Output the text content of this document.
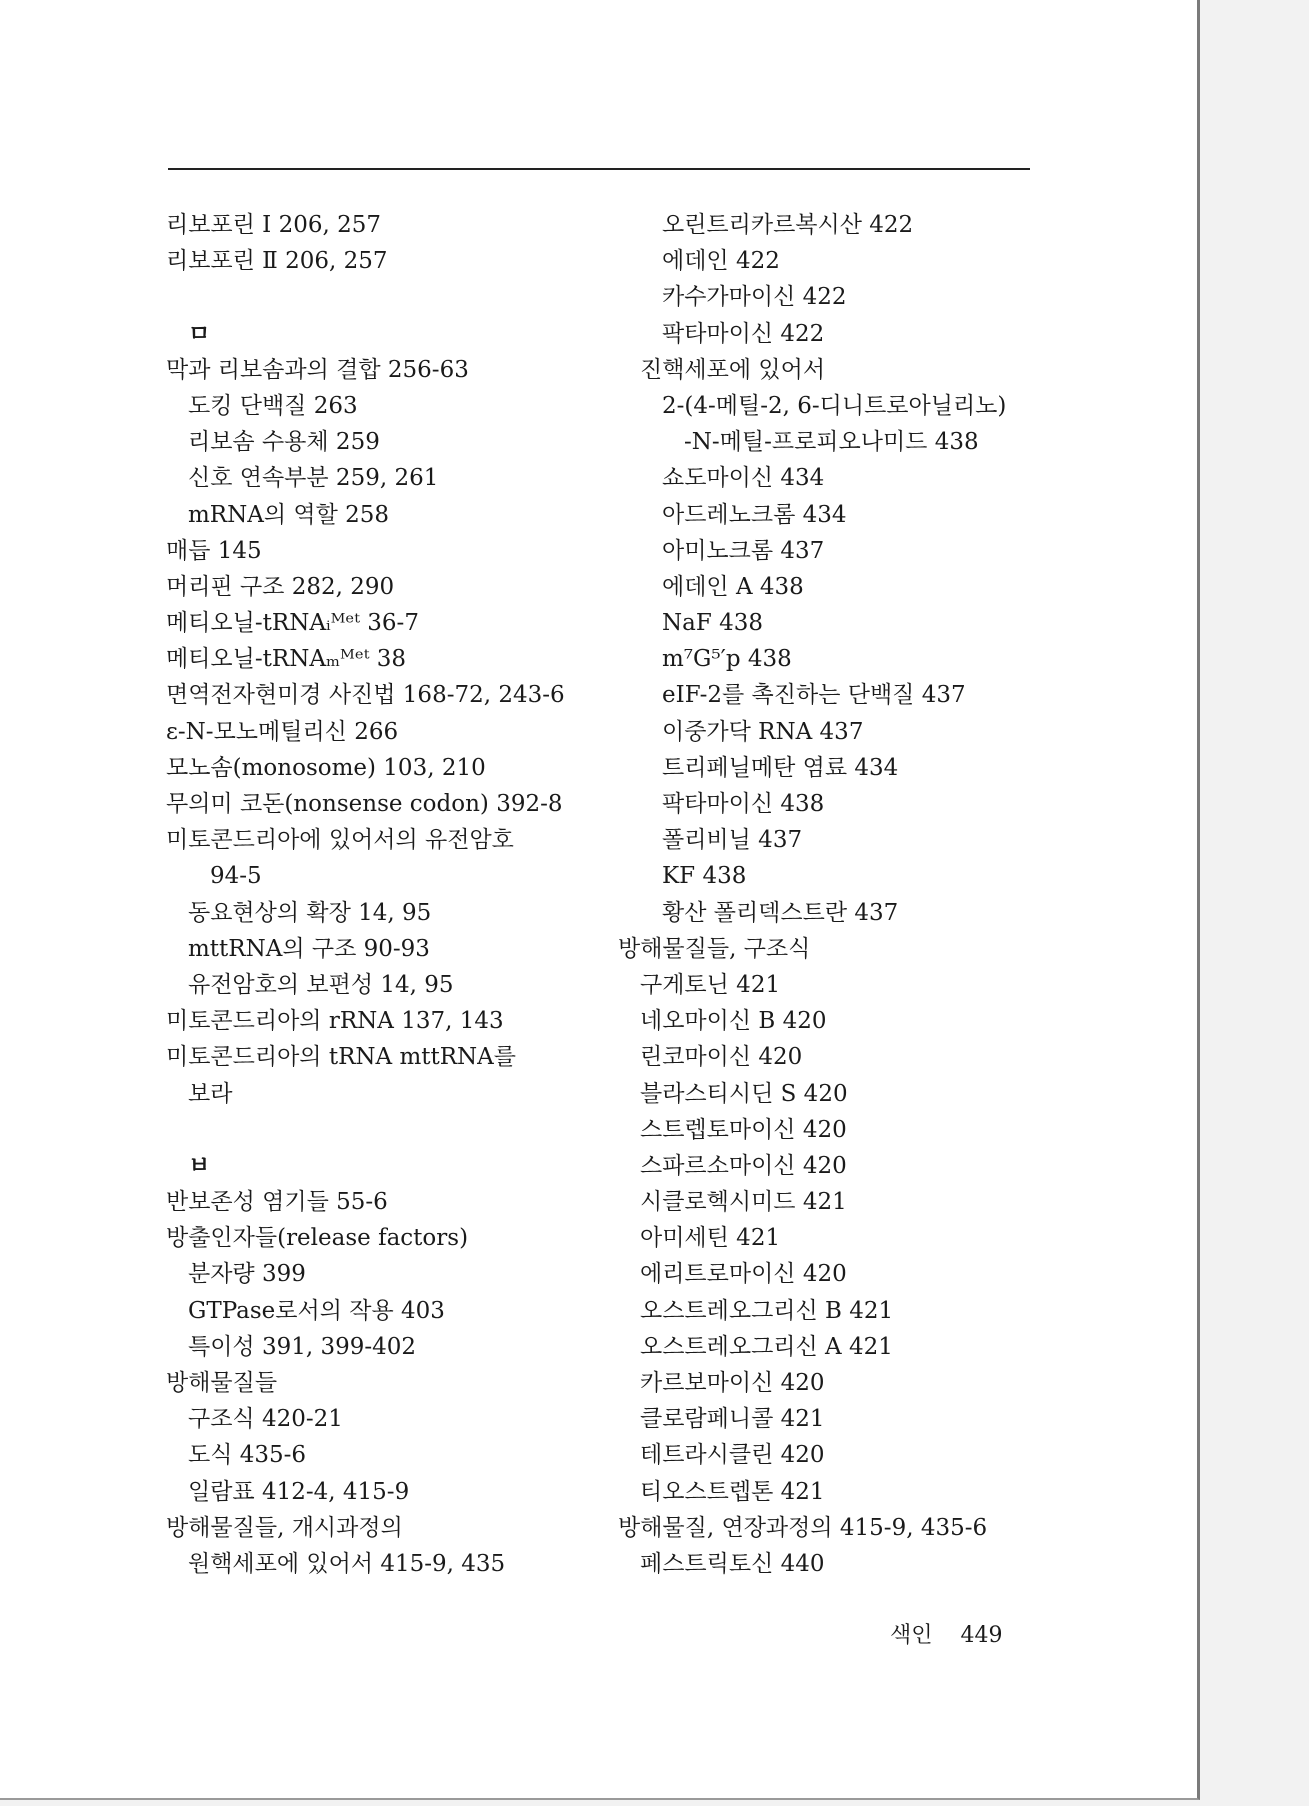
리보포린 I 206, 257
리보포린 Ⅱ 206, 257
ㅁ
막과 리보솜과의 결합 256-63
도킹 단백질 263
리보솜 수용체 259
신호 연속부분 259, 261
mRNA의 역할 258
매듭 145
머리핀 구조 282, 290
메티오닐-tRNAᵢᴹᵉᵗ 36-7
메티오닐-tRNAₘᴹᵉᵗ 38
면역전자현미경 사진법 168-72, 243-6
ε-N-모노메틸리신 266
모노솜(monosome) 103, 210
무의미 코돈(nonsense codon) 392-8
미토콘드리아에 있어서의 유전암호
94-5
동요현상의 확장 14, 95
mttRNA의 구조 90-93
유전암호의 보편성 14, 95
미토콘드리아의 rRNA 137, 143
미토콘드리아의 tRNA mttRNA를
보라
ㅂ
반보존성 염기들 55-6
방출인자들(release factors)
분자량 399
GTPase로서의 작용 403
특이성 391, 399-402
방해물질들
구조식 420-21
도식 435-6
일람표 412-4, 415-9
방해물질들, 개시과정의
원핵세포에 있어서 415-9, 435
오린트리카르복시산 422
에데인 422
카수가마이신 422
팍타마이신 422
진핵세포에 있어서
2-(4-메틸-2, 6-디니트로아닐리노)
-N-메틸-프로피오나미드 438
쇼도마이신 434
아드레노크롬 434
아미노크롬 437
에데인 A 438
NaF 438
m⁷G⁵′p 438
eIF-2를 촉진하는 단백질 437
이중가닥 RNA 437
트리페닐메탄 염료 434
팍타마이신 438
폴리비닐 437
KF 438
황산 폴리덱스트란 437
방해물질들, 구조식
구게토닌 421
네오마이신 B 420
린코마이신 420
블라스티시딘 S 420
스트렙토마이신 420
스파르소마이신 420
시클로헥시미드 421
아미세틴 421
에리트로마이신 420
오스트레오그리신 B 421
오스트레오그리신 A 421
카르보마이신 420
클로람페니콜 421
테트라시클린 420
티오스트렙톤 421
방해물질, 연장과정의 415-9, 435-6
페스트릭토신 440
색인 449
